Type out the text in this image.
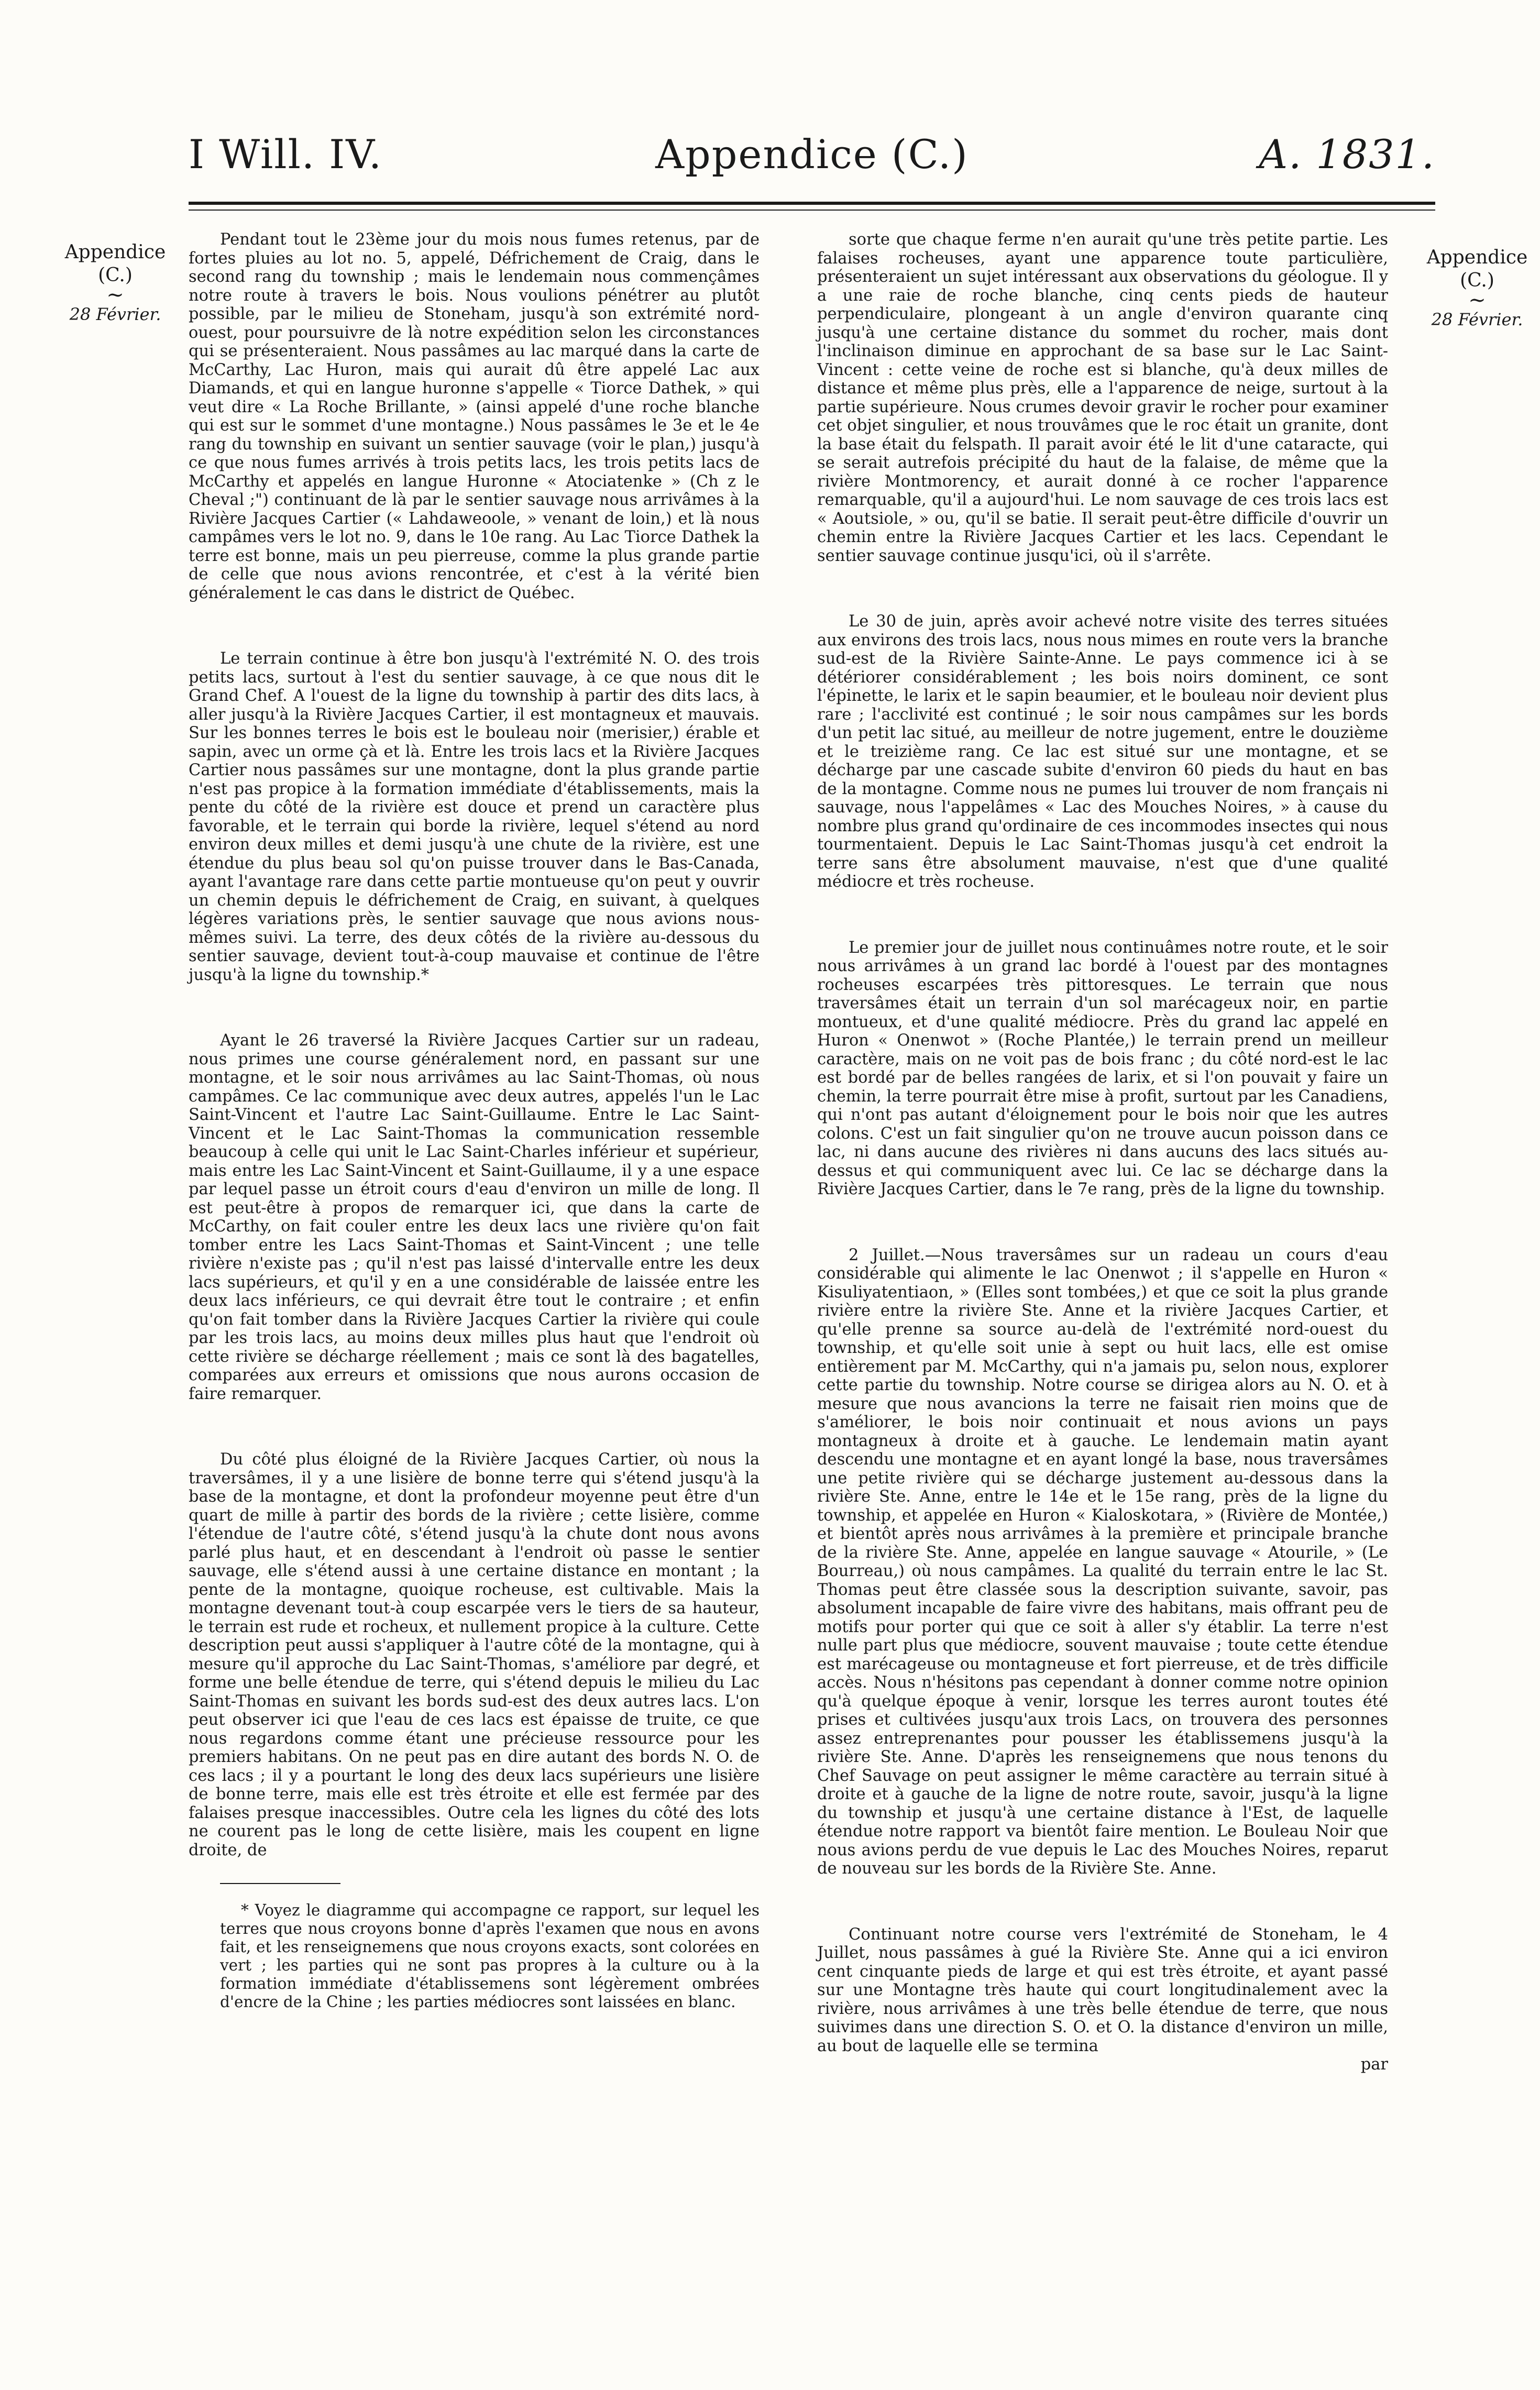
I Will. IV.	Appendice (C.)	A. 1831.
Appendice
(C.)
~
28 Février.
Appendice
(C.)
~
28 Février.

Pendant tout le 23ème jour du mois nous fumes retenus, par de fortes pluies au lot no. 5, appelé, Défrichement de Craig, dans le second rang du township ; mais le lendemain nous commençâmes notre route à travers le bois. Nous voulions pénétrer au plutôt possible, par le milieu de Stoneham, jusqu'à son extrémité nord-ouest, pour poursuivre de là notre expédition selon les circonstances qui se présenteraient. Nous passâmes au lac marqué dans la carte de McCarthy, Lac Huron, mais qui aurait dû être appelé Lac aux Diamands, et qui en langue huronne s'appelle « Tiorce Dathek, » qui veut dire « La Roche Brillante, » (ainsi appelé d'une roche blanche qui est sur le sommet d'une montagne.) Nous passâmes le 3e et le 4e rang du township en suivant un sentier sauvage (voir le plan,) jusqu'à ce que nous fumes arrivés à trois petits lacs, les trois petits lacs de McCarthy et appelés en langue Huronne « Atociatenke » (Ch z le Cheval ;") continuant de là par le sentier sauvage nous arrivâmes à la Rivière Jacques Cartier (« Lahdaweoole, » venant de loin,) et là nous campâmes vers le lot no. 9, dans le 10e rang. Au Lac Tiorce Dathek la terre est bonne, mais un peu pierreuse, comme la plus grande partie de celle que nous avions rencontrée, et c'est à la vérité bien généralement le cas dans le district de Québec.

Le terrain continue à être bon jusqu'à l'extrémité N. O. des trois petits lacs, surtout à l'est du sentier sauvage, à ce que nous dit le Grand Chef. A l'ouest de la ligne du township à partir des dits lacs, à aller jusqu'à la Rivière Jacques Cartier, il est montagneux et mauvais. Sur les bonnes terres le bois est le bouleau noir (merisier,) érable et sapin, avec un orme çà et là. Entre les trois lacs et la Rivière Jacques Cartier nous passâmes sur une montagne, dont la plus grande partie n'est pas propice à la formation immédiate d'établissements, mais la pente du côté de la rivière est douce et prend un caractère plus favorable, et le terrain qui borde la rivière, lequel s'étend au nord environ deux milles et demi jusqu'à une chute de la rivière, est une étendue du plus beau sol qu'on puisse trouver dans le Bas-Canada, ayant l'avantage rare dans cette partie montueuse qu'on peut y ouvrir un chemin depuis le défrichement de Craig, en suivant, à quelques légères variations près, le sentier sauvage que nous avions nous-mêmes suivi. La terre, des deux côtés de la rivière au-dessous du sentier sauvage, devient tout-à-coup mauvaise et continue de l'être jusqu'à la ligne du township.*

Ayant le 26 traversé la Rivière Jacques Cartier sur un radeau, nous primes une course généralement nord, en passant sur une montagne, et le soir nous arrivâmes au lac Saint-Thomas, où nous campâmes. Ce lac communique avec deux autres, appelés l'un le Lac Saint-Vincent et l'autre Lac Saint-Guillaume. Entre le Lac Saint-Vincent et le Lac Saint-Thomas la communication ressemble beaucoup à celle qui unit le Lac Saint-Charles inférieur et supérieur, mais entre les Lac Saint-Vincent et Saint-Guillaume, il y a une espace par lequel passe un étroit cours d'eau d'environ un mille de long. Il est peut-être à propos de remarquer ici, que dans la carte de McCarthy, on fait couler entre les deux lacs une rivière qu'on fait tomber entre les Lacs Saint-Thomas et Saint-Vincent ; une telle rivière n'existe pas ; qu'il n'est pas laissé d'intervalle entre les deux lacs supérieurs, et qu'il y en a une considérable de laissée entre les deux lacs inférieurs, ce qui devrait être tout le contraire ; et enfin qu'on fait tomber dans la Rivière Jacques Cartier la rivière qui coule par les trois lacs, au moins deux milles plus haut que l'endroit où cette rivière se décharge réellement ; mais ce sont là des bagatelles, comparées aux erreurs et omissions que nous aurons occasion de faire remarquer.

Du côté plus éloigné de la Rivière Jacques Cartier, où nous la traversâmes, il y a une lisière de bonne terre qui s'étend jusqu'à la base de la montagne, et dont la profondeur moyenne peut être d'un quart de mille à partir des bords de la rivière ; cette lisière, comme l'étendue de l'autre côté, s'étend jusqu'à la chute dont nous avons parlé plus haut, et en descendant à l'endroit où passe le sentier sauvage, elle s'étend aussi à une certaine distance en montant ; la pente de la montagne, quoique rocheuse, est cultivable. Mais la montagne devenant tout-à coup escarpée vers le tiers de sa hauteur, le terrain est rude et rocheux, et nullement propice à la culture. Cette description peut aussi s'appliquer à l'autre côté de la montagne, qui à mesure qu'il approche du Lac Saint-Thomas, s'améliore par degré, et forme une belle étendue de terre, qui s'étend depuis le milieu du Lac Saint-Thomas en suivant les bords sud-est des deux autres lacs. L'on peut observer ici que l'eau de ces lacs est épaisse de truite, ce que nous regardons comme étant une précieuse ressource pour les premiers habitans. On ne peut pas en dire autant des bords N. O. de ces lacs ; il y a pourtant le long des deux lacs supérieurs une lisière de bonne terre, mais elle est très étroite et elle est fermée par des falaises presque inaccessibles. Outre cela les lignes du côté des lots ne courent pas le long de cette lisière, mais les coupent en ligne droite, de

* Voyez le diagramme qui accompagne ce rapport, sur lequel les terres que nous croyons bonne d'après l'examen que nous en avons fait, et les renseignemens que nous croyons exacts, sont colorées en vert ; les parties qui ne sont pas propres à la culture ou à la formation immédiate d'établissemens sont légèrement ombrées d'encre de la Chine ; les parties médiocres sont laissées en blanc.

sorte que chaque ferme n'en aurait qu'une très petite partie. Les falaises rocheuses, ayant une apparence toute particulière, présenteraient un sujet intéressant aux observations du géologue. Il y a une raie de roche blanche, cinq cents pieds de hauteur perpendiculaire, plongeant à un angle d'environ quarante cinq jusqu'à une certaine distance du sommet du rocher, mais dont l'inclinaison diminue en approchant de sa base sur le Lac Saint-Vincent : cette veine de roche est si blanche, qu'à deux milles de distance et même plus près, elle a l'apparence de neige, surtout à la partie supérieure. Nous crumes devoir gravir le rocher pour examiner cet objet singulier, et nous trouvâmes que le roc était un granite, dont la base était du felspath. Il parait avoir été le lit d'une cataracte, qui se serait autrefois précipité du haut de la falaise, de même que la rivière Montmorency, et aurait donné à ce rocher l'apparence remarquable, qu'il a aujourd'hui. Le nom sauvage de ces trois lacs est « Aoutsiole, » ou, qu'il se batie. Il serait peut-être difficile d'ouvrir un chemin entre la Rivière Jacques Cartier et les lacs. Cependant le sentier sauvage continue jusqu'ici, où il s'arrête.

Le 30 de juin, après avoir achevé notre visite des terres situées aux environs des trois lacs, nous nous mimes en route vers la branche sud-est de la Rivière Sainte-Anne. Le pays commence ici à se détériorer considérablement ; les bois noirs dominent, ce sont l'épinette, le larix et le sapin beaumier, et le bouleau noir devient plus rare ; l'acclivité est continué ; le soir nous campâmes sur les bords d'un petit lac situé, au meilleur de notre jugement, entre le douzième et le treizième rang. Ce lac est situé sur une montagne, et se décharge par une cascade subite d'environ 60 pieds du haut en bas de la montagne. Comme nous ne pumes lui trouver de nom français ni sauvage, nous l'appelâmes « Lac des Mouches Noires, » à cause du nombre plus grand qu'ordinaire de ces incommodes insectes qui nous tourmentaient. Depuis le Lac Saint-Thomas jusqu'à cet endroit la terre sans être absolument mauvaise, n'est que d'une qualité médiocre et très rocheuse.

Le premier jour de juillet nous continuâmes notre route, et le soir nous arrivâmes à un grand lac bordé à l'ouest par des montagnes rocheuses escarpées très pittoresques. Le terrain que nous traversâmes était un terrain d'un sol marécageux noir, en partie montueux, et d'une qualité médiocre. Près du grand lac appelé en Huron « Onenwot » (Roche Plantée,) le terrain prend un meilleur caractère, mais on ne voit pas de bois franc ; du côté nord-est le lac est bordé par de belles rangées de larix, et si l'on pouvait y faire un chemin, la terre pourrait être mise à profit, surtout par les Canadiens, qui n'ont pas autant d'éloignement pour le bois noir que les autres colons. C'est un fait singulier qu'on ne trouve aucun poisson dans ce lac, ni dans aucune des rivières ni dans aucuns des lacs situés au-dessus et qui communiquent avec lui. Ce lac se décharge dans la Rivière Jacques Cartier, dans le 7e rang, près de la ligne du township.

2 Juillet.—Nous traversâmes sur un radeau un cours d'eau considérable qui alimente le lac Onenwot ; il s'appelle en Huron « Kisuliyatentiaon, » (Elles sont tombées,) et que ce soit la plus grande rivière entre la rivière Ste. Anne et la rivière Jacques Cartier, et qu'elle prenne sa source au-delà de l'extrémité nord-ouest du township, et qu'elle soit unie à sept ou huit lacs, elle est omise entièrement par M. McCarthy, qui n'a jamais pu, selon nous, explorer cette partie du township. Notre course se dirigea alors au N. O. et à mesure que nous avancions la terre ne faisait rien moins que de s'améliorer, le bois noir continuait et nous avions un pays montagneux à droite et à gauche. Le lendemain matin ayant descendu une montagne et en ayant longé la base, nous traversâmes une petite rivière qui se décharge justement au-dessous dans la rivière Ste. Anne, entre le 14e et le 15e rang, près de la ligne du township, et appelée en Huron « Kialoskotara, » (Rivière de Montée,) et bientôt après nous arrivâmes à la première et principale branche de la rivière Ste. Anne, appelée en langue sauvage « Atourile, » (Le Bourreau,) où nous campâmes. La qualité du terrain entre le lac St. Thomas peut être classée sous la description suivante, savoir, pas absolument incapable de faire vivre des habitans, mais offrant peu de motifs pour porter qui que ce soit à aller s'y établir. La terre n'est nulle part plus que médiocre, souvent mauvaise ; toute cette étendue est marécageuse ou montagneuse et fort pierreuse, et de très difficile accès. Nous n'hésitons pas cependant à donner comme notre opinion qu'à quelque époque à venir, lorsque les terres auront toutes été prises et cultivées jusqu'aux trois Lacs, on trouvera des personnes assez entreprenantes pour pousser les établissemens jusqu'à la rivière Ste. Anne. D'après les renseignemens que nous tenons du Chef Sauvage on peut assigner le même caractère au terrain situé à droite et à gauche de la ligne de notre route, savoir, jusqu'à la ligne du township et jusqu'à une certaine distance à l'Est, de laquelle étendue notre rapport va bientôt faire mention. Le Bouleau Noir que nous avions perdu de vue depuis le Lac des Mouches Noires, reparut de nouveau sur les bords de la Rivière Ste. Anne.

Continuant notre course vers l'extrémité de Stoneham, le 4 Juillet, nous passâmes à gué la Rivière Ste. Anne qui a ici environ cent cinquante pieds de large et qui est très étroite, et ayant passé sur une Montagne très haute qui court longitudinalement avec la rivière, nous arrivâmes à une très belle étendue de terre, que nous suivimes dans une direction S. O. et O. la distance d'environ un mille, au bout de laquelle elle se termina

par
